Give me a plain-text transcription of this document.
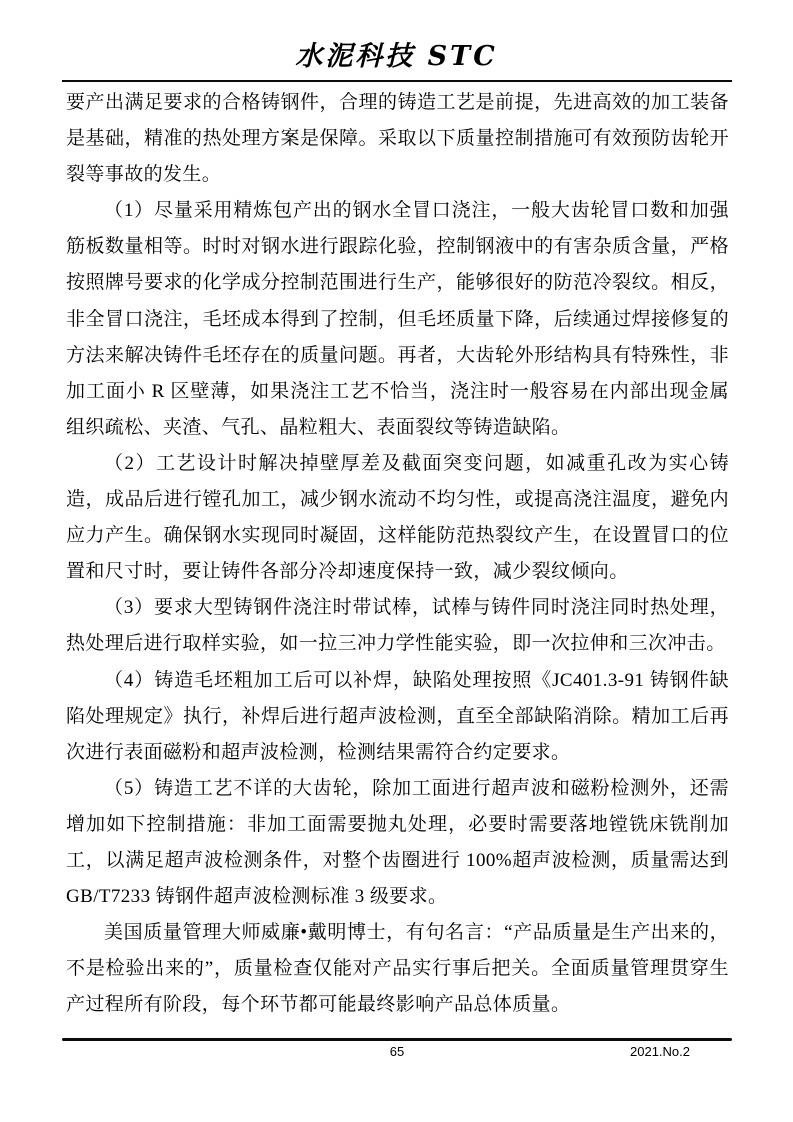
水泥科技 STC

要产出满足要求的合格铸钢件，合理的铸造工艺是前提，先进高效的加工装备是基础，精准的热处理方案是保障。采取以下质量控制措施可有效预防齿轮开裂等事故的发生。

（1）尽量采用精炼包产出的钢水全冒口浇注，一般大齿轮冒口数和加强筋板数量相等。时时对钢水进行跟踪化验，控制钢液中的有害杂质含量，严格按照牌号要求的化学成分控制范围进行生产，能够很好的防范冷裂纹。相反，非全冒口浇注，毛坯成本得到了控制，但毛坯质量下降，后续通过焊接修复的方法来解决铸件毛坯存在的质量问题。再者，大齿轮外形结构具有特殊性，非加工面小 R 区壁薄，如果浇注工艺不恰当，浇注时一般容易在内部出现金属组织疏松、夹渣、气孔、晶粒粗大、表面裂纹等铸造缺陷。

（2）工艺设计时解决掉壁厚差及截面突变问题，如减重孔改为实心铸造，成品后进行镗孔加工，减少钢水流动不均匀性，或提高浇注温度，避免内应力产生。确保钢水实现同时凝固，这样能防范热裂纹产生，在设置冒口的位置和尺寸时，要让铸件各部分冷却速度保持一致，减少裂纹倾向。

（3）要求大型铸钢件浇注时带试棒，试棒与铸件同时浇注同时热处理，热处理后进行取样实验，如一拉三冲力学性能实验，即一次拉伸和三次冲击。

（4）铸造毛坯粗加工后可以补焊，缺陷处理按照《JC401.3-91 铸钢件缺陷处理规定》执行，补焊后进行超声波检测，直至全部缺陷消除。精加工后再次进行表面磁粉和超声波检测，检测结果需符合约定要求。

（5）铸造工艺不详的大齿轮，除加工面进行超声波和磁粉检测外，还需增加如下控制措施：非加工面需要抛丸处理，必要时需要落地镗铣床铣削加工，以满足超声波检测条件，对整个齿圈进行 100%超声波检测，质量需达到 GB/T7233 铸钢件超声波检测标准 3 级要求。

美国质量管理大师威廉•戴明博士，有句名言：“产品质量是生产出来的，不是检验出来的”，质量检查仅能对产品实行事后把关。全面质量管理贯穿生产过程所有阶段，每个环节都可能最终影响产品总体质量。

65	2021.No.2
